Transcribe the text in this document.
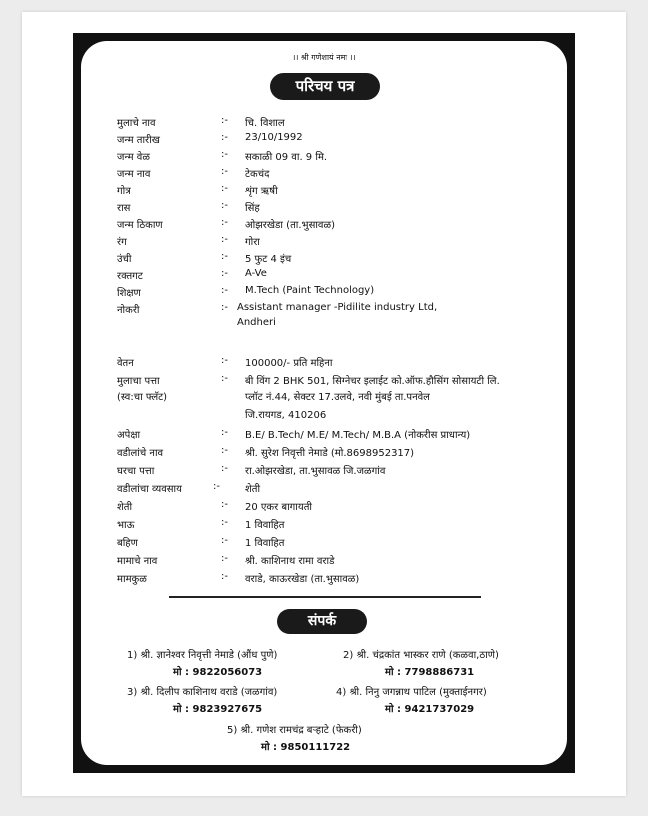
।। श्री गणेशायं नमः ।।
परिचय पत्र
मुलाचे नाव	:- चि. विशाल
जन्म तारीख	:- 23/10/1992
जन्म वेळ	:- सकाळी 09 वा. 9 मि.
जन्म नाव	:- टेकचंद
गोत्र	:- शृंग ऋषी
रास	:- सिंह
जन्म ठिकाण	:- ओझरखेडा (ता.भुसावळ)
रंग	:- गोरा
उंची	:- 5 फुट 4 इंच
रक्तगट	:- A-Ve
शिक्षण	:- M.Tech (Paint Technology)
नोकरी	:- Assistant manager -Pidilite industry Ltd,
Andheri
वेतन	:- 100000/- प्रति महिना
मुलाचा पत्ता	:- बी विंग 2 BHK 501, सिग्नेचर इलाईट को.ऑफ.हौसिंग सोसायटी लि.
(स्व:चा फ्लॅट)	प्लॉट नं.44, सेक्टर 17.उलवे, नवी मुंबई ता.पनवेल
जि.रायगड, 410206
अपेक्षा	:- B.E/ B.Tech/ M.E/ M.Tech/ M.B.A (नोकरीस प्राधान्य)
वडीलांचे नाव	:- श्री. सुरेश निवृत्ती नेमाडे (मो.8698952317)
घरचा पत्ता	:- रा.ओझरखेडा, ता.भुसावळ जि.जळगांव
वडीलांचा व्यवसाय	:-	शेती
शेती	:- 20 एकर बागायती
भाऊ	:- 1 विवाहित
बहिण	:- 1 विवाहित
मामाचे नाव	:- श्री. काशिनाथ रामा वराडे
मामकुळ	:- वराडे, काऊरखेडा (ता.भुसावळ)
संपर्क
1) श्री. ज्ञानेश्वर निवृत्ती नेमाडे (औंध पुणे)
मो : 9822056073
2) श्री. चंद्रकांत भास्कर राणे (कळवा,ठाणे)
मो : 7798886731
3) श्री. दिलीप काशिनाथ वराडे (जळगांव)
मो : 9823927675
4) श्री. निनु जगन्नाथ पाटिल (मुक्ताईनगर)
मो : 9421737029
5) श्री. गणेश रामचंद्र बऱ्हाटे (फेकरी)
मो : 9850111722
